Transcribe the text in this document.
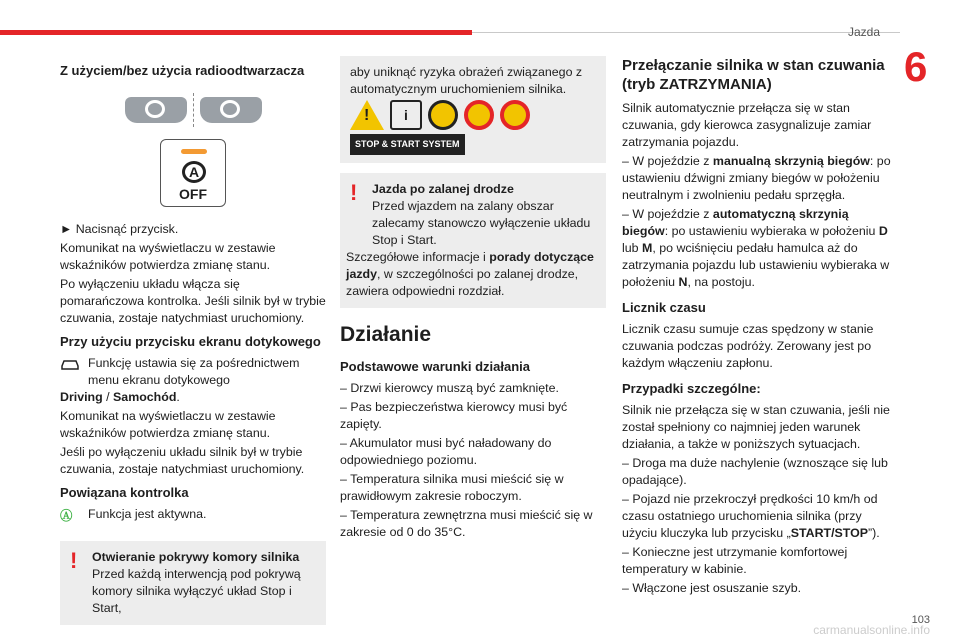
Jazda
6
Z użyciem/bez użycia radioodtwarzacza
A
OFF

► Nacisnąć przycisk.

Komunikat na wyświetlaczu w zestawie wskaźników potwierdza zmianę stanu.

Po wyłączeniu układu włącza się pomarańczowa kontrolka. Jeśli silnik był w trybie czuwania, zostaje natychmiast uruchomiony.

Przy użyciu przycisku ekranu dotykowego
Funkcję ustawia się za pośrednictwem menu ekranu dotykowego

Driving / Samochód.

Komunikat na wyświetlaczu w zestawie wskaźników potwierdza zmianę stanu.

Jeśli po wyłączeniu układu silnik był w trybie czuwania, zostaje natychmiast uruchomiony.

Powiązana kontrolka
Ⓐ	Funkcja jest aktywna.
!	Otwieranie pokrywy komory silnika
Przed każdą interwencją pod pokrywą komory silnika wyłączyć układ Stop i Start,

aby uniknąć ryzyka obrażeń związanego z automatycznym uruchomieniem silnika.

!	i
STOP & START SYSTEM
!	Jazda po zalanej drodze
Przed wjazdem na zalany obszar zalecamy stanowczo wyłączenie układu Stop i Start.
Szczegółowe informacje i porady dotyczące jazdy, w szczególności po zalanej drodze, zawiera odpowiedni rozdział.
Działanie
Podstawowe warunki działania

– Drzwi kierowcy muszą być zamknięte.

– Pas bezpieczeństwa kierowcy musi być zapięty.

– Akumulator musi być naładowany do odpowiedniego poziomu.

– Temperatura silnika musi mieścić się w prawidłowym zakresie roboczym.

– Temperatura zewnętrzna musi mieścić się w zakresie od 0 do 35°C.

Przełączanie silnika w stan czuwania (tryb ZATRZYMANIA)

Silnik automatycznie przełącza się w stan czuwania, gdy kierowca zasygnalizuje zamiar zatrzymania pojazdu.

– W pojeździe z manualną skrzynią biegów: po ustawieniu dźwigni zmiany biegów w położeniu neutralnym i zwolnieniu pedału sprzęgła.

– W pojeździe z automatyczną skrzynią biegów: po ustawieniu wybieraka w położeniu D lub M, po wciśnięciu pedału hamulca aż do zatrzymania pojazdu lub ustawieniu wybieraka w położeniu N, na postoju.

Licznik czasu

Licznik czasu sumuje czas spędzony w stanie czuwania podczas podróży. Zerowany jest po każdym włączeniu zapłonu.

Przypadki szczególne:

Silnik nie przełącza się w stan czuwania, jeśli nie został spełniony co najmniej jeden warunek działania, a także w poniższych sytuacjach.

– Droga ma duże nachylenie (wznoszące się lub opadające).

– Pojazd nie przekroczył prędkości 10 km/h od czasu ostatniego uruchomienia silnika (przy użyciu kluczyka lub przycisku „START/STOP”).

– Konieczne jest utrzymanie komfortowej temperatury w kabinie.

– Włączone jest osuszanie szyb.

103
carmanualsonline.info
